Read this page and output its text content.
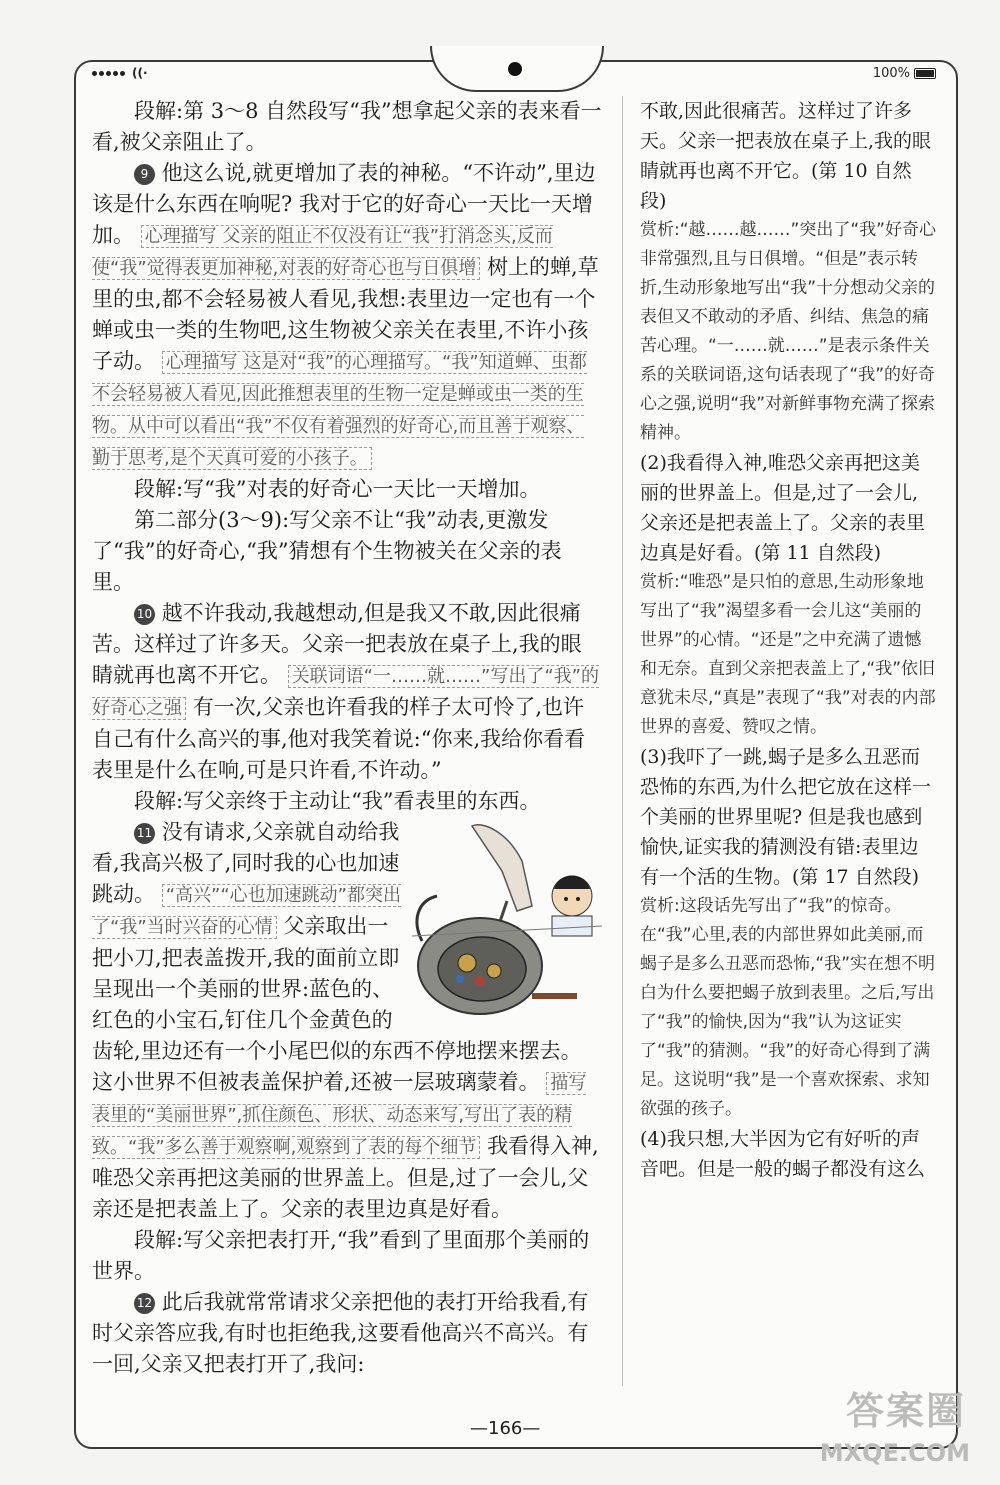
((·	100%

段解:第 3～8 自然段写“我”想拿起父亲的表来看一看,被父亲阻止了。

9 他这么说,就更增加了表的神秘。“不许动”,里边该是什么东西在响呢? 我对于它的好奇心一天比一天增加。 心理描写 父亲的阻止不仅没有让“我”打消念头,反而使“我”觉得表更加神秘,对表的好奇心也与日俱增 树上的蝉,草里的虫,都不会轻易被人看见,我想:表里边一定也有一个蝉或虫一类的生物吧,这生物被父亲关在表里,不许小孩子动。 心理描写 这是对“我”的心理描写。“我”知道蝉、虫都不会轻易被人看见,因此推想表里的生物一定是蝉或虫一类的生物。从中可以看出“我”不仅有着强烈的好奇心,而且善于观察、勤于思考,是个天真可爱的小孩子。

段解:写“我”对表的好奇心一天比一天增加。

第二部分(3～9):写父亲不让“我”动表,更激发了“我”的好奇心,“我”猜想有个生物被关在父亲的表里。

10 越不许我动,我越想动,但是我又不敢,因此很痛苦。这样过了许多天。父亲一把表放在桌子上,我的眼睛就再也离不开它。 关联词语“一……就……”写出了“我”的好奇心之强 有一次,父亲也许看我的样子太可怜了,也许自己有什么高兴的事,他对我笑着说:“你来,我给你看看表里是什么在响,可是只许看,不许动。”

段解:写父亲终于主动让“我”看表里的东西。

11 没有请求,父亲就自动给我看,我高兴极了,同时我的心也加速跳动。 “高兴”“心也加速跳动”都突出了“我”当时兴奋的心情 父亲取出一把小刀,把表盖拨开,我的面前立即呈现出一个美丽的世界:蓝色的、红色的小宝石,钉住几个金黄色的齿轮,里边还有一个小尾巴似的东西不停地摆来摆去。这小世界不但被表盖保护着,还被一层玻璃蒙着。 描写表里的“美丽世界”,抓住颜色、形状、动态来写,写出了表的精致。“我”多么善于观察啊,观察到了表的每个细节 我看得入神,唯恐父亲再把这美丽的世界盖上。但是,过了一会儿,父亲还是把表盖上了。父亲的表里边真是好看。

段解:写父亲把表打开,“我”看到了里面那个美丽的世界。

12 此后我就常常请求父亲把他的表打开给我看,有时父亲答应我,有时也拒绝我,这要看他高兴不高兴。有一回,父亲又把表打开了,我问:

不敢,因此很痛苦。这样过了许多天。父亲一把表放在桌子上,我的眼睛就再也离不开它。(第 10 自然段)

赏析:“越……越……”突出了“我”好奇心非常强烈,且与日俱增。“但是”表示转折,生动形象地写出“我”十分想动父亲的表但又不敢动的矛盾、纠结、焦急的痛苦心理。“一……就……”是表示条件关系的关联词语,这句话表现了“我”的好奇心之强,说明“我”对新鲜事物充满了探索精神。

(2)我看得入神,唯恐父亲再把这美丽的世界盖上。但是,过了一会儿,父亲还是把表盖上了。父亲的表里边真是好看。(第 11 自然段)

赏析:“唯恐”是只怕的意思,生动形象地写出了“我”渴望多看一会儿这“美丽的世界”的心情。“还是”之中充满了遗憾和无奈。直到父亲把表盖上了,“我”依旧意犹未尽,“真是”表现了“我”对表的内部世界的喜爱、赞叹之情。

(3)我吓了一跳,蝎子是多么丑恶而恐怖的东西,为什么把它放在这样一个美丽的世界里呢? 但是我也感到愉快,证实我的猜测没有错:表里边有一个活的生物。(第 17 自然段)

赏析:这段话先写出了“我”的惊奇。在“我”心里,表的内部世界如此美丽,而蝎子是多么丑恶而恐怖,“我”实在想不明白为什么要把蝎子放到表里。之后,写出了“我”的愉快,因为“我”认为这证实了“我”的猜测。“我”的好奇心得到了满足。这说明“我”是一个喜欢探索、求知欲强的孩子。

(4)我只想,大半因为它有好听的声音吧。但是一般的蝎子都没有这么

—166—	答案圈
MXQE.COM
